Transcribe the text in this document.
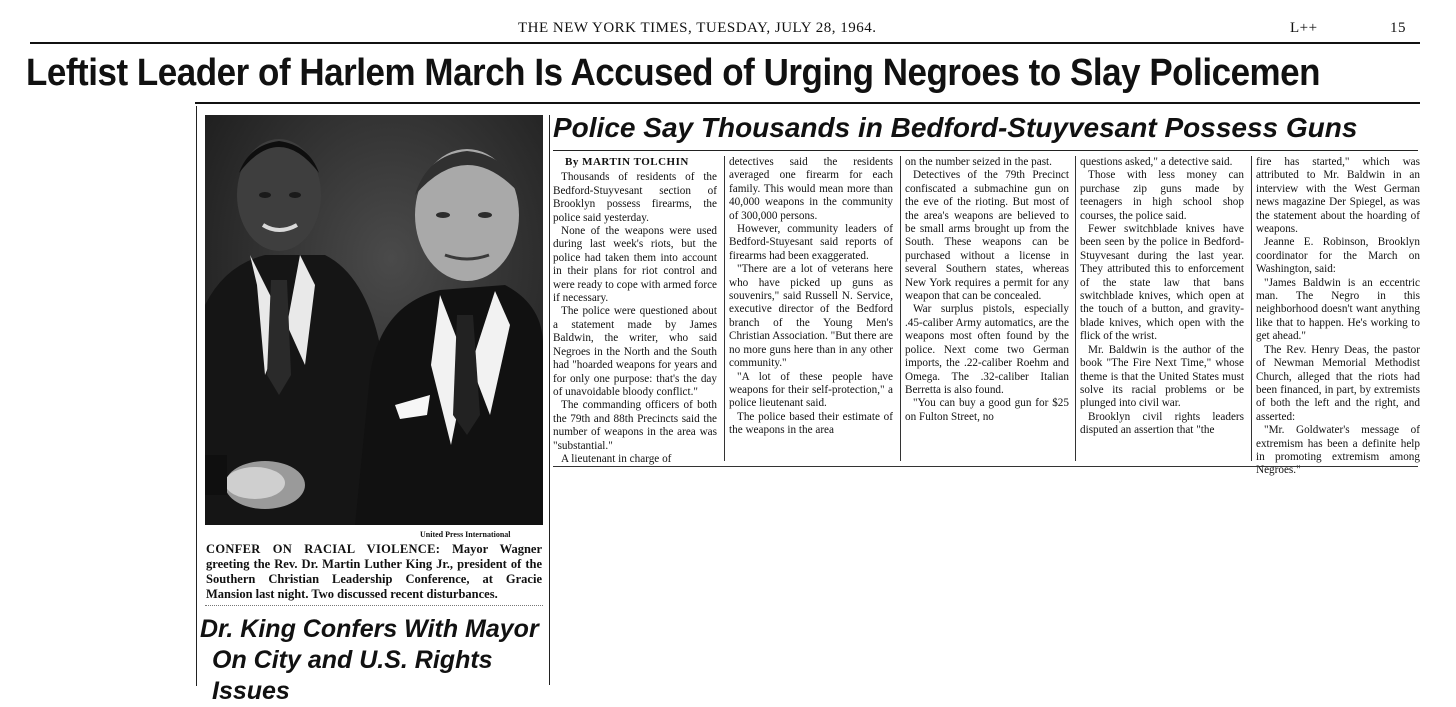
THE NEW YORK TIMES, TUESDAY, JULY 28, 1964.	L++	15
Leftist Leader of Harlem March Is Accused of Urging Negroes to Slay Policemen
United Press International
CONFER ON RACIAL VIOLENCE: Mayor Wagner greeting the Rev. Dr. Martin Luther King Jr., president of the Southern Christian Leadership Conference, at Gracie Mansion last night. Two discussed recent disturbances.
Dr. King Confers With Mayor
On City and U.S. Rights Issues
Police Say Thousands in Bedford-Stuyvesant Possess Guns

By MARTIN TOLCHIN

Thousands of residents of the Bedford-Stuyvesant section of Brooklyn possess firearms, the police said yesterday.

None of the weapons were used during last week's riots, but the police had taken them into account in their plans for riot control and were ready to cope with armed force if necessary.

The police were questioned about a statement made by James Baldwin, the writer, who said Negroes in the North and the South had "hoarded weapons for years and for only one purpose: that's the day of unavoidable bloody conflict."

The commanding officers of both the 79th and 88th Precincts said the number of weapons in the area was "substantial."

A lieutenant in charge of

detectives said the residents averaged one firearm for each family. This would mean more than 40,000 weapons in the community of 300,000 persons.

However, community leaders of Bedford-Stuyesant said reports of firearms had been exaggerated.

"There are a lot of veterans here who have picked up guns as souvenirs," said Russell N. Service, executive director of the Bedford branch of the Young Men's Christian Association. "But there are no more guns here than in any other community."

"A lot of these people have weapons for their self-protection," a police lieutenant said.

The police based their estimate of the weapons in the area

on the number seized in the past.

Detectives of the 79th Precinct confiscated a submachine gun on the eve of the rioting. But most of the area's weapons are believed to be small arms brought up from the South. These weapons can be purchased without a license in several Southern states, whereas New York requires a permit for any weapon that can be concealed.

War surplus pistols, especially .45-caliber Army automatics, are the weapons most often found by the police. Next come two German imports, the .22-caliber Roehm and Omega. The .32-caliber Italian Berretta is also found.

"You can buy a good gun for $25 on Fulton Street, no

questions asked," a detective said.

Those with less money can purchase zip guns made by teenagers in high school shop courses, the police said.

Fewer switchblade knives have been seen by the police in Bedford-Stuyvesant during the last year. They attributed this to enforcement of the state law that bans switchblade knives, which open at the touch of a button, and gravity-blade knives, which open with the flick of the wrist.

Mr. Baldwin is the author of the book "The Fire Next Time," whose theme is that the United States must solve its racial problems or be plunged into civil war.

Brooklyn civil rights leaders disputed an assertion that "the

fire has started," which was attributed to Mr. Baldwin in an interview with the West German news magazine Der Spiegel, as was the statement about the hoarding of weapons.

Jeanne E. Robinson, Brooklyn coordinator for the March on Washington, said:

"James Baldwin is an eccentric man. The Negro in this neighborhood doesn't want anything like that to happen. He's working to get ahead."

The Rev. Henry Deas, the pastor of Newman Memorial Methodist Church, alleged that the riots had been financed, in part, by extremists of both the left and the right, and asserted:

"Mr. Goldwater's message of extremism has been a definite help in promoting extremism among Negroes."
